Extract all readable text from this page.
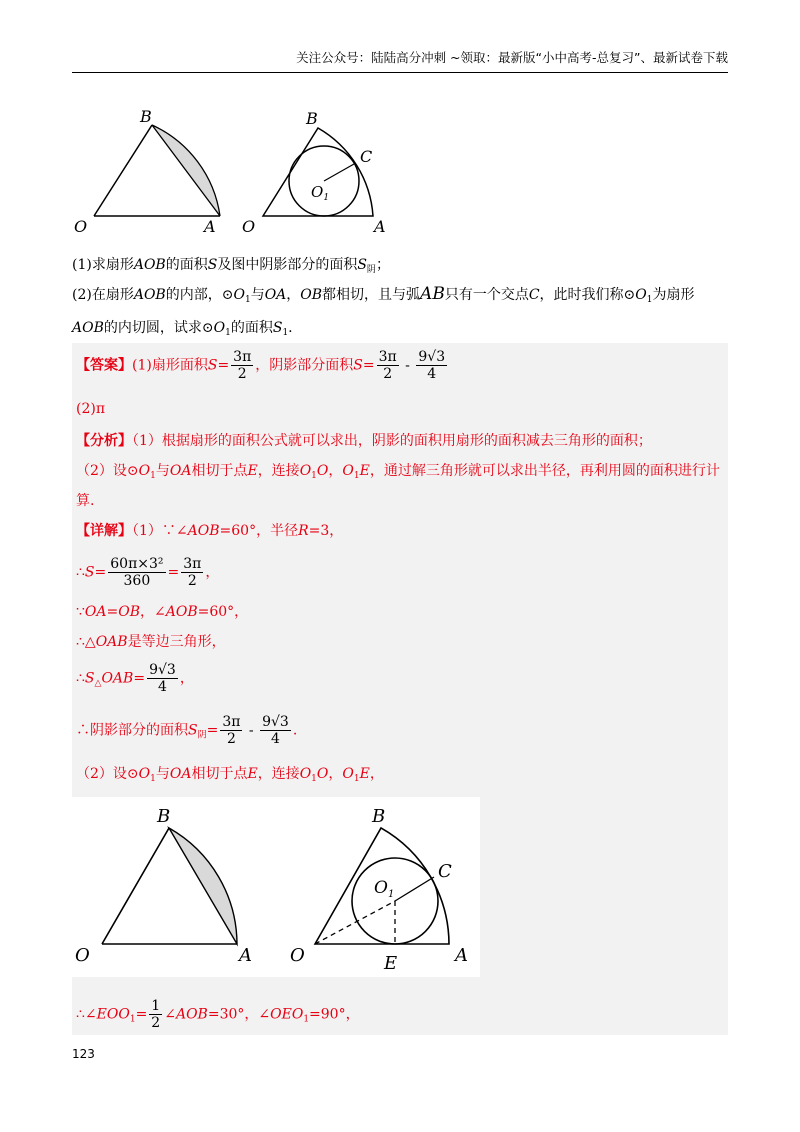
关注公众号：陆陆高分冲刺 ~领取：最新版“小中高考-总复习”、最新试卷下载
B
O	A
B
C
$O_1$
O	A
(1)求扇形AOB的面积S及图中阴影部分的面积$S_阴$；
(2)在扇形AOB的内部，$⊙O_1$与OA，OB都相切，且与弧AB只有一个交点C，此时我们称$⊙O_1$为扇形
AOB的内切圆，试求$⊙O_1$的面积$S_1$.
【答案】(1)扇形面积$S= \frac{3\pi}{2}$ ，阴影部分面积$S= \frac{3\pi}{2} - \frac{9√3}{4}$
(2)π
【分析】（1）根据扇形的面积公式就可以求出，阴影的面积用扇形的面积减去三角形的面积；
（2）设$⊙O_1$与OA相切于点E，连接$O_1O$，$O_1E$，通过解三角形就可以求出半径，再利用圆的面积进行计
算.
【详解】（1）∵∠AOB=60°，半径R=3，
∴S= $\frac{\text{60π×3²}}{360} = \frac{3\pi}{2}$ ，
∵OA=OB，∠AOB=60°，
∴△OAB是等边三角形，
$\therefore S_\triangle OAB= \frac{9√3}{4}$ ，
∴阴影部分的面积$S_阴= \frac{3\pi}{2} - \frac{9√3}{4}$ .
（2）设$⊙O_1$与OA相切于点E，连接$O_1O$，$O_1E$，
B
O	A
B
C
$O_1$
O	E	A
$\therefore\angle EOO_1= \frac{1}{2}$ ∠AOB=30°，$\angle OEO_1=90^\circ$，
123
